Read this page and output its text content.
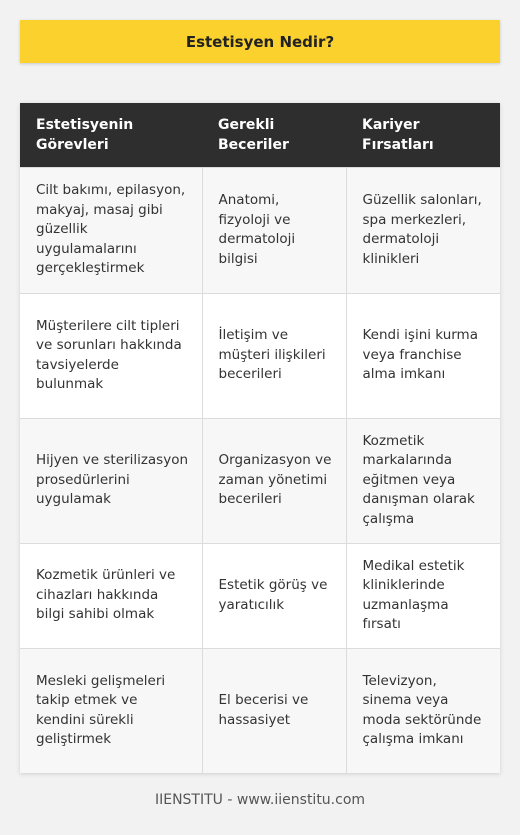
Estetisyen Nedir?
Estetisyenin Görevleri	Gerekli Beceriler	Kariyer Fırsatları
Cilt bakımı, epilasyon, makyaj, masaj gibi güzellik uygulamalarını gerçekleştirmek	Anatomi, fizyoloji ve dermatoloji bilgisi	Güzellik salonları, spa merkezleri, dermatoloji klinikleri
Müşterilere cilt tipleri ve sorunları hakkında tavsiyelerde bulunmak	İletişim ve müşteri ilişkileri becerileri	Kendi işini kurma veya franchise alma imkanı
Hijyen ve sterilizasyon prosedürlerini uygulamak	Organizasyon ve zaman yönetimi becerileri	Kozmetik markalarında eğitmen veya danışman olarak çalışma
Kozmetik ürünleri ve cihazları hakkında bilgi sahibi olmak	Estetik görüş ve yaratıcılık	Medikal estetik kliniklerinde uzmanlaşma fırsatı
Mesleki gelişmeleri takip etmek ve kendini sürekli geliştirmek	El becerisi ve hassasiyet	Televizyon, sinema veya moda sektöründe çalışma imkanı
IIENSTITU - www.iienstitu.com
